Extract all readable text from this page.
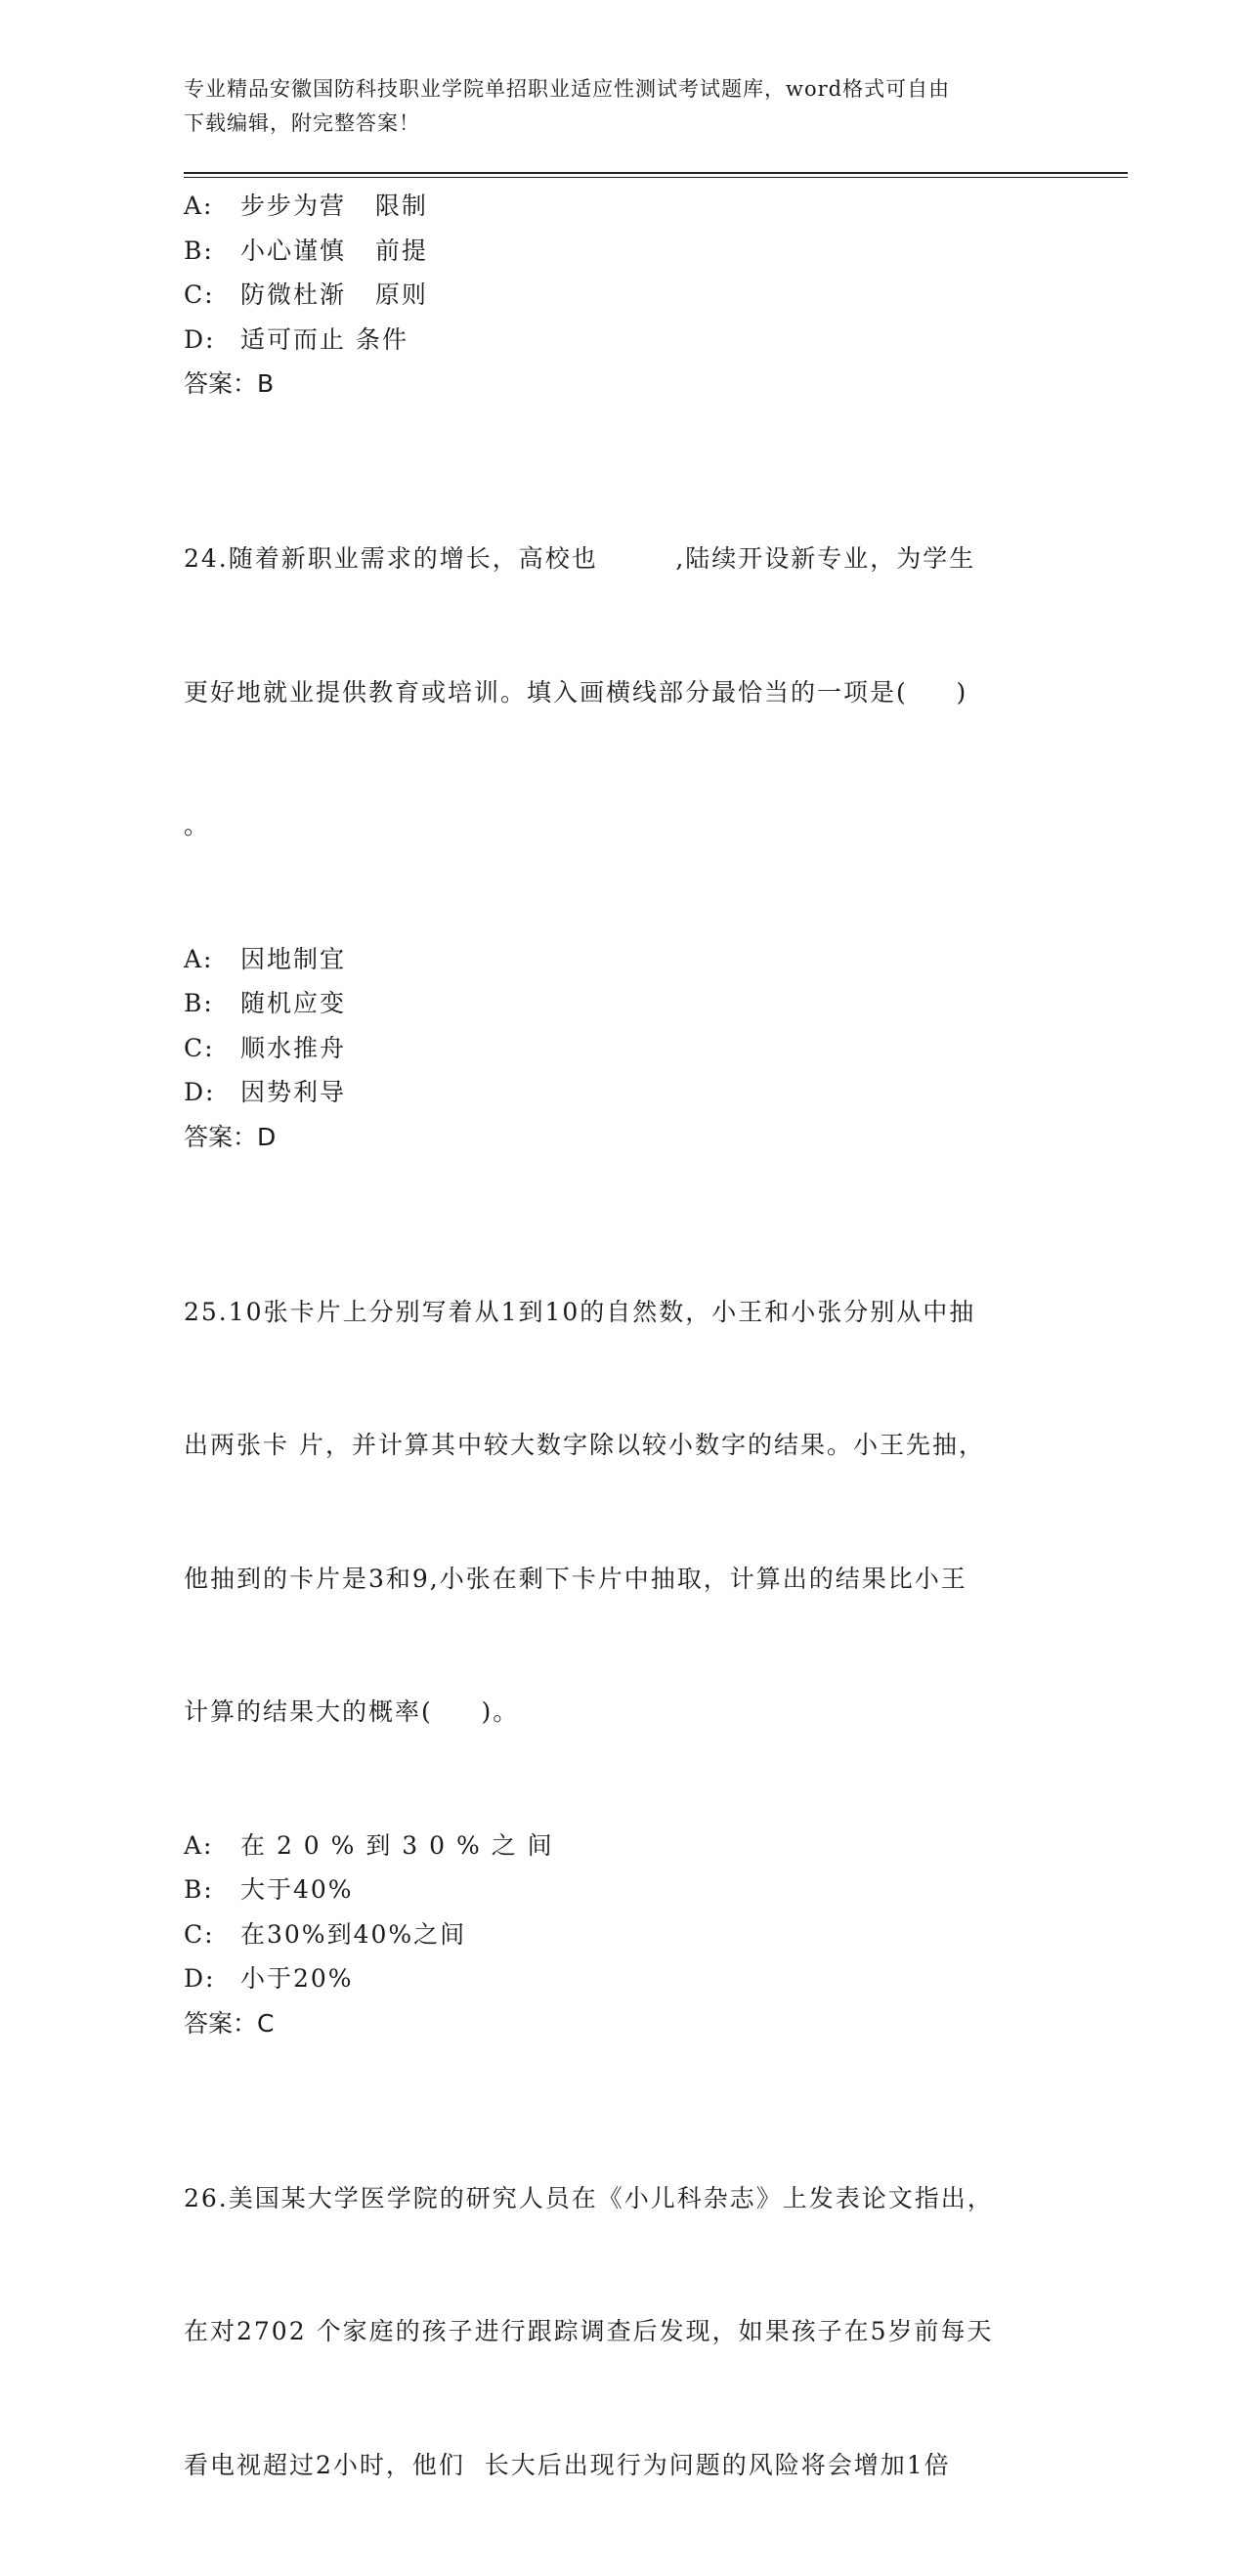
专业精品安徽国防科技职业学院单招职业适应性测试考试题库，word格式可自由
下载编辑，附完整答案！
A: 步步为营   限制
B: 小心谨慎   前提
C: 防微杜渐   原则
D: 适可而止 条件
答案：B

24.随着新职业需求的增长，高校也        ,陆续开设新专业，为学生

更好地就业提供教育或培训。填入画横线部分最恰当的一项是(     )

。

A: 因地制宜
B: 随机应变
C: 顺水推舟
D: 因势利导
答案：D

25.10张卡片上分别写着从1到10的自然数，小王和小张分别从中抽

出两张卡 片，并计算其中较大数字除以较小数字的结果。小王先抽，

他抽到的卡片是3和9,小张在剩下卡片中抽取，计算出的结果比小王

计算的结果大的概率(     )。

A: 在 2 0 % 到 3 0 % 之 间
B: 大于40%
C: 在30%到40%之间
D: 小于20%
答案：C

26.美国某大学医学院的研究人员在《小儿科杂志》上发表论文指出，

在对2702 个家庭的孩子进行跟踪调查后发现，如果孩子在5岁前每天

看电视超过2小时，他们  长大后出现行为问题的风险将会增加1倍
